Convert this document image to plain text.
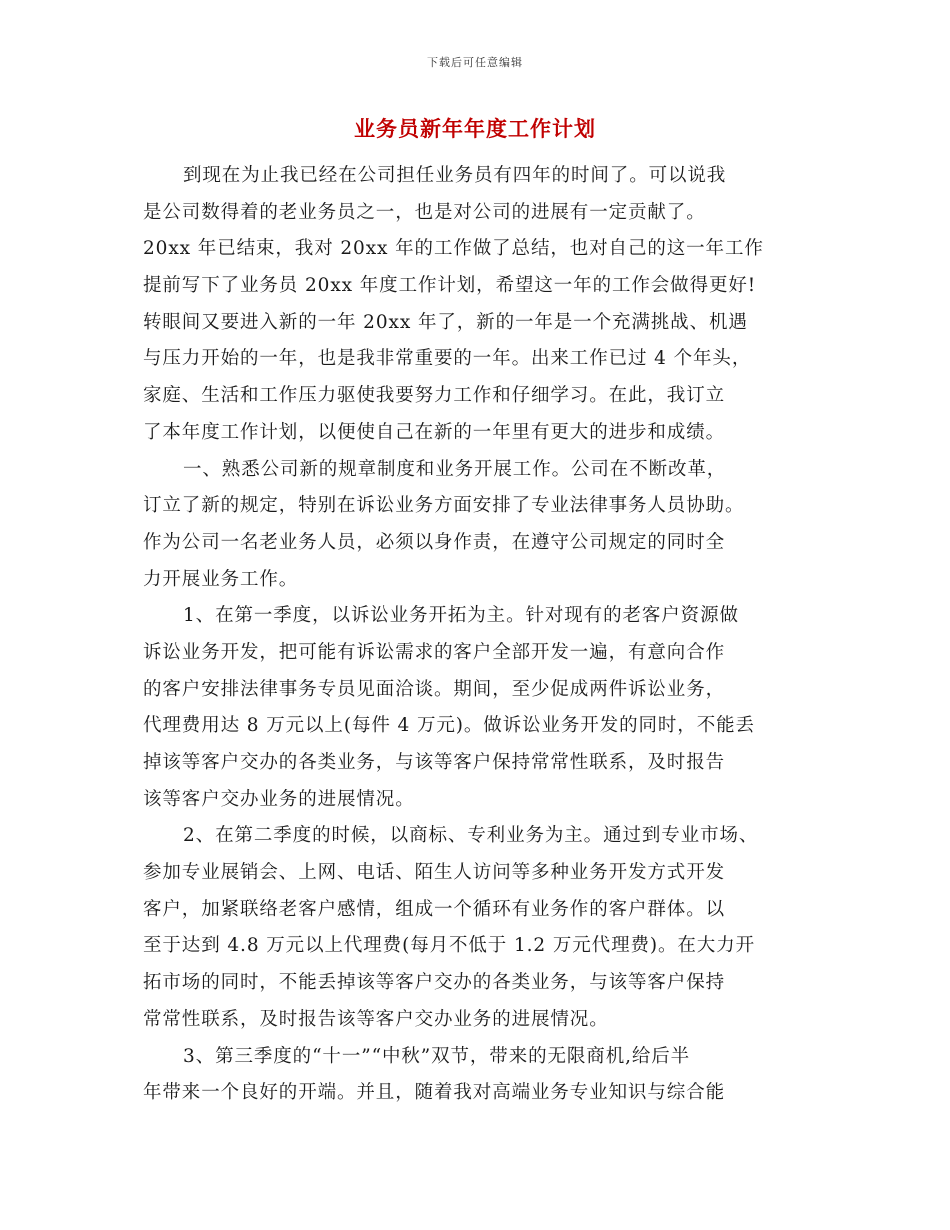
下载后可任意编辑
业务员新年年度工作计划
到现在为止我已经在公司担任业务员有四年的时间了。可以说我
是公司数得着的老业务员之一，也是对公司的进展有一定贡献了。
20xx 年已结束，我对 20xx 年的工作做了总结，也对自己的这一年工作
提前写下了业务员 20xx 年度工作计划，希望这一年的工作会做得更好!
转眼间又要进入新的一年 20xx 年了，新的一年是一个充满挑战、机遇
与压力开始的一年，也是我非常重要的一年。出来工作已过 4 个年头，
家庭、生活和工作压力驱使我要努力工作和仔细学习。在此，我订立
了本年度工作计划，以便使自己在新的一年里有更大的进步和成绩。
一、熟悉公司新的规章制度和业务开展工作。公司在不断改革，
订立了新的规定，特别在诉讼业务方面安排了专业法律事务人员协助。
作为公司一名老业务人员，必须以身作责，在遵守公司规定的同时全
力开展业务工作。
1、在第一季度，以诉讼业务开拓为主。针对现有的老客户资源做
诉讼业务开发，把可能有诉讼需求的客户全部开发一遍，有意向合作
的客户安排法律事务专员见面洽谈。期间，至少促成两件诉讼业务，
代理费用达 8 万元以上(每件 4 万元)。做诉讼业务开发的同时，不能丢
掉该等客户交办的各类业务，与该等客户保持常常性联系，及时报告
该等客户交办业务的进展情况。
2、在第二季度的时候，以商标、专利业务为主。通过到专业市场、
参加专业展销会、上网、电话、陌生人访问等多种业务开发方式开发
客户，加紧联络老客户感情，组成一个循环有业务作的客户群体。以
至于达到 4.8 万元以上代理费(每月不低于 1.2 万元代理费)。在大力开
拓市场的同时，不能丢掉该等客户交办的各类业务，与该等客户保持
常常性联系，及时报告该等客户交办业务的进展情况。
3、第三季度的“十一”“中秋”双节，带来的无限商机,给后半
年带来一个良好的开端。并且，随着我对高端业务专业知识与综合能
